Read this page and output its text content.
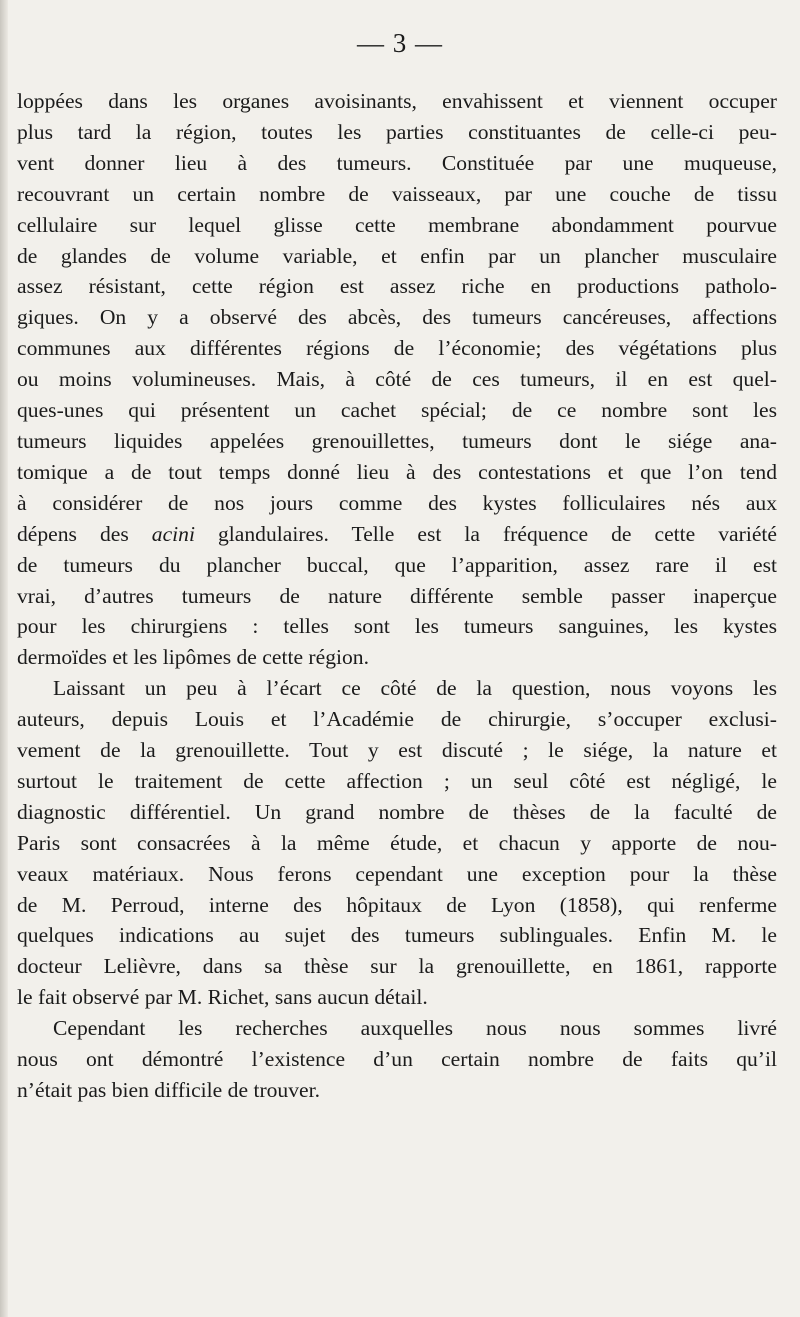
— 3 —

loppées dans les organes avoisinants, envahissent et viennent occuper

plus tard la région, toutes les parties constituantes de celle-ci peu-

vent donner lieu à des tumeurs. Constituée par une muqueuse,

recouvrant un certain nombre de vaisseaux, par une couche de tissu

cellulaire sur lequel glisse cette membrane abondamment pourvue

de glandes de volume variable, et enfin par un plancher musculaire

assez résistant, cette région est assez riche en productions patholo-

giques. On y a observé des abcès, des tumeurs cancéreuses, affections

communes aux différentes régions de l’économie; des végétations plus

ou moins volumineuses. Mais, à côté de ces tumeurs, il en est quel-

ques-unes qui présentent un cachet spécial; de ce nombre sont les

tumeurs liquides appelées grenouillettes, tumeurs dont le siége ana-

tomique a de tout temps donné lieu à des contestations et que l’on tend

à considérer de nos jours comme des kystes folliculaires nés aux

dépens des acini glandulaires. Telle est la fréquence de cette variété

de tumeurs du plancher buccal, que l’apparition, assez rare il est

vrai, d’autres tumeurs de nature différente semble passer inaperçue

pour les chirurgiens : telles sont les tumeurs sanguines, les kystes

dermoïdes et les lipômes de cette région.

Laissant un peu à l’écart ce côté de la question, nous voyons les

auteurs, depuis Louis et l’Académie de chirurgie, s’occuper exclusi-

vement de la grenouillette. Tout y est discuté ; le siége, la nature et

surtout le traitement de cette affection ; un seul côté est négligé, le

diagnostic différentiel. Un grand nombre de thèses de la faculté de

Paris sont consacrées à la même étude, et chacun y apporte de nou-

veaux matériaux. Nous ferons cependant une exception pour la thèse

de M. Perroud, interne des hôpitaux de Lyon (1858), qui renferme

quelques indications au sujet des tumeurs sublinguales. Enfin M. le

docteur Lelièvre, dans sa thèse sur la grenouillette, en 1861, rapporte

le fait observé par M. Richet, sans aucun détail.

Cependant les recherches auxquelles nous nous sommes livré

nous ont démontré l’existence d’un certain nombre de faits qu’il

n’était pas bien difficile de trouver.
